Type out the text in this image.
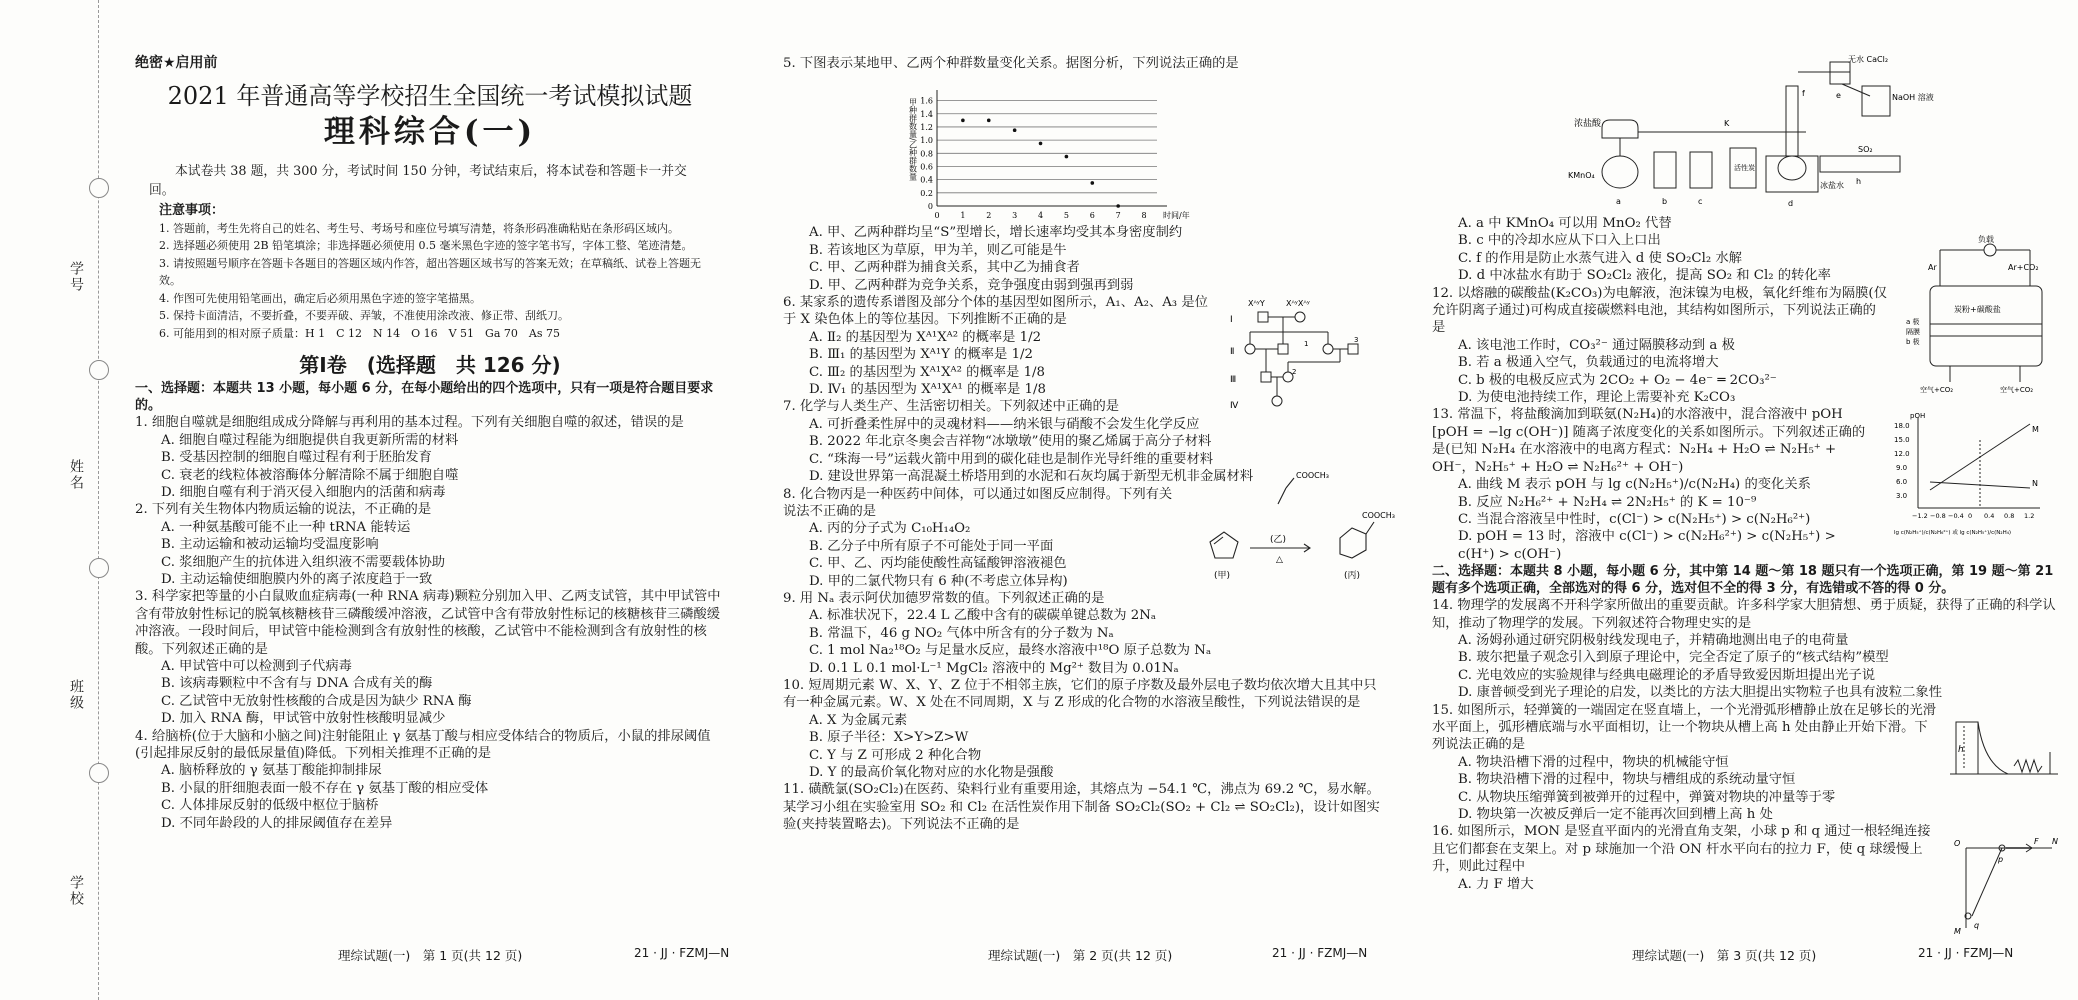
学号
姓名
班级
学校

绝密★启用前

2021 年普通高等学校招生全国统一考试模拟试题

理科综合(一)

本试卷共 38 题，共 300 分，考试时间 150 分钟，考试结束后，将本试卷和答题卡一并交回。

注意事项：

1. 答题前，考生先将自己的姓名、考生号、考场号和座位号填写清楚，将条形码准确粘贴在条形码区域内。

2. 选择题必须使用 2B 铅笔填涂；非选择题必须使用 0.5 毫米黑色字迹的签字笔书写，字体工整、笔迹清楚。

3. 请按照题号顺序在答题卡各题目的答题区域内作答，超出答题区域书写的答案无效；在草稿纸、试卷上答题无效。

4. 作图可先使用铅笔画出，确定后必须用黑色字迹的签字笔描黑。

5. 保持卡面清洁，不要折叠，不要弄破、弄皱，不准使用涂改液、修正带、刮纸刀。

6. 可能用到的相对原子质量：H 1　C 12　N 14　O 16　V 51　Ga 70　As 75

第Ⅰ卷　(选择题　共 126 分)

一、选择题：本题共 13 小题，每小题 6 分，在每小题给出的四个选项中，只有一项是符合题目要求的。

1. 细胞自噬就是细胞组成成分降解与再利用的基本过程。下列有关细胞自噬的叙述，错误的是

A. 细胞自噬过程能为细胞提供自我更新所需的材料

B. 受基因控制的细胞自噬过程有利于胚胎发育

C. 衰老的线粒体被溶酶体分解清除不属于细胞自噬

D. 细胞自噬有利于消灭侵入细胞内的活菌和病毒

2. 下列有关生物体内物质运输的说法，不正确的是

A. 一种氨基酸可能不止一种 tRNA 能转运

B. 主动运输和被动运输均受温度影响

C. 浆细胞产生的抗体进入组织液不需要载体协助

D. 主动运输使细胞膜内外的离子浓度趋于一致

3. 科学家把等量的小白鼠败血症病毒(一种 RNA 病毒)颗粒分别加入甲、乙两支试管，其中甲试管中含有带放射性标记的脱氧核糖核苷三磷酸缓冲溶液，乙试管中含有带放射性标记的核糖核苷三磷酸缓冲溶液。一段时间后，甲试管中能检测到含有放射性的核酸，乙试管中不能检测到含有放射性的核酸。下列叙述正确的是

A. 甲试管中可以检测到子代病毒

B. 该病毒颗粒中不含有与 DNA 合成有关的酶

C. 乙试管中无放射性核酸的合成是因为缺少 RNA 酶

D. 加入 RNA 酶，甲试管中放射性核酸明显减少

4. 给脑桥(位于大脑和小脑之间)注射能阻止 γ 氨基丁酸与相应受体结合的物质后，小鼠的排尿阈值(引起排尿反射的最低尿量值)降低。下列相关推理不正确的是

A. 脑桥释放的 γ 氨基丁酸能抑制排尿

B. 小鼠的肝细胞表面一般不存在 γ 氨基丁酸的相应受体

C. 人体排尿反射的低级中枢位于脑桥

D. 不同年龄段的人的排尿阈值存在差异

5. 下图表示某地甲、乙两个种群数量变化关系。据图分析，下列说法正确的是

A. 甲、乙两种群均呈“S”型增长，增长速率均受其本身密度制约

B. 若该地区为草原，甲为羊，则乙可能是牛

C. 甲、乙两种群为捕食关系，其中乙为捕食者

D. 甲、乙两种群为竞争关系，竞争强度由弱到强再到弱

6. 某家系的遗传系谱图及部分个体的基因型如图所示，A₁、A₂、A₃ 是位于 X 染色体上的等位基因。下列推断不正确的是

A. Ⅱ₂ 的基因型为 Xᴬ¹Xᴬ² 的概率是 1/2

B. Ⅲ₁ 的基因型为 Xᴬ¹Y 的概率是 1/2

C. Ⅲ₂ 的基因型为 Xᴬ¹Xᴬ² 的概率是 1/8

D. Ⅳ₁ 的基因型为 Xᴬ¹Xᴬ¹ 的概率是 1/8

7. 化学与人类生产、生活密切相关。下列叙述中正确的是

A. 可折叠柔性屏中的灵魂材料——纳米银与硝酸不会发生化学反应

B. 2022 年北京冬奥会吉祥物“冰墩墩”使用的聚乙烯属于高分子材料

C. “珠海一号”运载火箭中用到的碳化硅也是制作光导纤维的重要材料

D. 建设世界第一高混凝土桥塔用到的水泥和石灰均属于新型无机非金属材料

8. 化合物丙是一种医药中间体，可以通过如图反应制得。下列有关说法不正确的是

A. 丙的分子式为 C₁₀H₁₄O₂

B. 乙分子中所有原子不可能处于同一平面

C. 甲、乙、丙均能使酸性高锰酸钾溶液褪色

D. 甲的二氯代物只有 6 种(不考虑立体异构)

9. 用 Nₐ 表示阿伏加德罗常数的值。下列叙述正确的是

A. 标准状况下，22.4 L 乙酸中含有的碳碳单键总数为 2Nₐ

B. 常温下，46 g NO₂ 气体中所含有的分子数为 Nₐ

C. 1 mol Na₂¹⁸O₂ 与足量水反应，最终水溶液中¹⁸O 原子总数为 Nₐ

D. 0.1 L 0.1 mol·L⁻¹ MgCl₂ 溶液中的 Mg²⁺ 数目为 0.01Nₐ

10. 短周期元素 W、X、Y、Z 位于不相邻主族，它们的原子序数及最外层电子数均依次增大且其中只有一种金属元素。W、X 处在不同周期，X 与 Z 形成的化合物的水溶液呈酸性，下列说法错误的是

A. X 为金属元素

B. 原子半径：X>Y>Z>W

C. Y 与 Z 可形成 2 种化合物

D. Y 的最高价氧化物对应的水化物是强酸

11. 磺酰氯(SO₂Cl₂)在医药、染料行业有重要用途，其熔点为 −54.1 ℃，沸点为 69.2 ℃，易水解。某学习小组在实验室用 SO₂ 和 Cl₂ 在活性炭作用下制备 SO₂Cl₂(SO₂ + Cl₂ ⇌ SO₂Cl₂)，设计如图实验(夹持装置略去)。下列说法不正确的是

A. a 中 KMnO₄ 可以用 MnO₂ 代替

B. c 中的冷却水应从下口入上口出

C. f 的作用是防止水蒸气进入 d 使 SO₂Cl₂ 水解

D. d 中冰盐水有助于 SO₂Cl₂ 液化，提高 SO₂ 和 Cl₂ 的转化率

12. 以熔融的碳酸盐(K₂CO₃)为电解液，泡沫镍为电极，氧化纤维布为隔膜(仅允许阴离子通过)可构成直接碳燃料电池，其结构如图所示，下列说法正确的是

A. 该电池工作时，CO₃²⁻ 通过隔膜移动到 a 极

B. 若 a 极通入空气，负载通过的电流将增大

C. b 极的电极反应式为 2CO₂ + O₂ − 4e⁻ ═ 2CO₃²⁻

D. 为使电池持续工作，理论上需要补充 K₂CO₃

13. 常温下，将盐酸滴加到联氨(N₂H₄)的水溶液中，混合溶液中 pOH [pOH = −lg c(OH⁻)] 随离子浓度变化的关系如图所示。下列叙述正确的是(已知 N₂H₄ 在水溶液中的电离方程式：N₂H₄ + H₂O ⇌ N₂H₅⁺ + OH⁻，N₂H₅⁺ + H₂O ⇌ N₂H₆²⁺ + OH⁻)

A. 曲线 M 表示 pOH 与 lg c(N₂H₅⁺)/c(N₂H₄) 的变化关系

B. 反应 N₂H₆²⁺ + N₂H₄ ⇌ 2N₂H₅⁺ 的 K = 10⁻⁹

C. 当混合溶液呈中性时，c(Cl⁻) > c(N₂H₅⁺) > c(N₂H₆²⁺)

D. pOH = 13 时，溶液中 c(Cl⁻) > c(N₂H₆²⁺) > c(N₂H₅⁺) > c(H⁺) > c(OH⁻)

二、选择题：本题共 8 小题，每小题 6 分，其中第 14 题～第 18 题只有一个选项正确，第 19 题～第 21 题有多个选项正确，全部选对的得 6 分，选对但不全的得 3 分，有选错或不答的得 0 分。

14. 物理学的发展离不开科学家所做出的重要贡献。许多科学家大胆猜想、勇于质疑，获得了正确的科学认知，推动了物理学的发展。下列叙述符合物理史实的是

A. 汤姆孙通过研究阴极射线发现电子，并精确地测出电子的电荷量

B. 玻尔把量子观念引入到原子理论中，完全否定了原子的“核式结构”模型

C. 光电效应的实验规律与经典电磁理论的矛盾导致爱因斯坦提出光子说

D. 康普顿受到光子理论的启发，以类比的方法大胆提出实物粒子也具有波粒二象性

15. 如图所示，轻弹簧的一端固定在竖直墙上，一个光滑弧形槽静止放在足够长的光滑水平面上，弧形槽底端与水平面相切，让一个物块从槽上高 h 处由静止开始下滑。下列说法正确的是

A. 物块沿槽下滑的过程中，物块的机械能守恒

B. 物块沿槽下滑的过程中，物块与槽组成的系统动量守恒

C. 从物块压缩弹簧到被弹开的过程中，弹簧对物块的冲量等于零

D. 物块第一次被反弹后一定不能再次回到槽上高 h 处

16. 如图所示，MON 是竖直平面内的光滑直角支架，小球 p 和 q 通过一根轻绳连接且它们都套在支架上。对 p 球施加一个沿 ON 杆水平向右的拉力 F，使 q 球缓慢上升，则此过程中

A. 力 F 增大

0
0.2
0.4
0.6
0.8
1.0
1.2
1.4
1.6
0	1	2	3	4	5	6	7	8 时间/年
甲种群数量/乙种群数量
XᴬʸY	XᴬʸXᴬʸ
Ⅰ
Ⅱ
Ⅲ
Ⅳ
1
2
3
COOCH₃
COOCH₃
(乙)
△
(甲)	(丙)
无水 CaCl₂
NaOH 溶液
浓盐酸	K
SO₂
KMnO₄
活性炭
冰盐水
a	b	c	d
e
f
h
负载
Ar	Ar+CO₂
炭粉+碳酸盐
a 极
隔膜
b 极
空气+CO₂	空气+CO₂
pOH
18.0
15.0
12.0
9.0
6.0
3.0
M
N
−1.2 −0.8 −0.4 0 0.4 0.8 1.2
lg c(N₂H₅⁺)/c(N₂H₆²⁺) 或 lg c(N₂H₅⁺)/c(N₂H₄)
h
O
p
F N
q
M
理综试题(一)　第 1 页(共 12 页)	21 · JJ · FZMJ—N	理综试题(一)　第 2 页(共 12 页)	21 · JJ · FZMJ—N	理综试题(一)　第 3 页(共 12 页)	21 · JJ · FZMJ—N
